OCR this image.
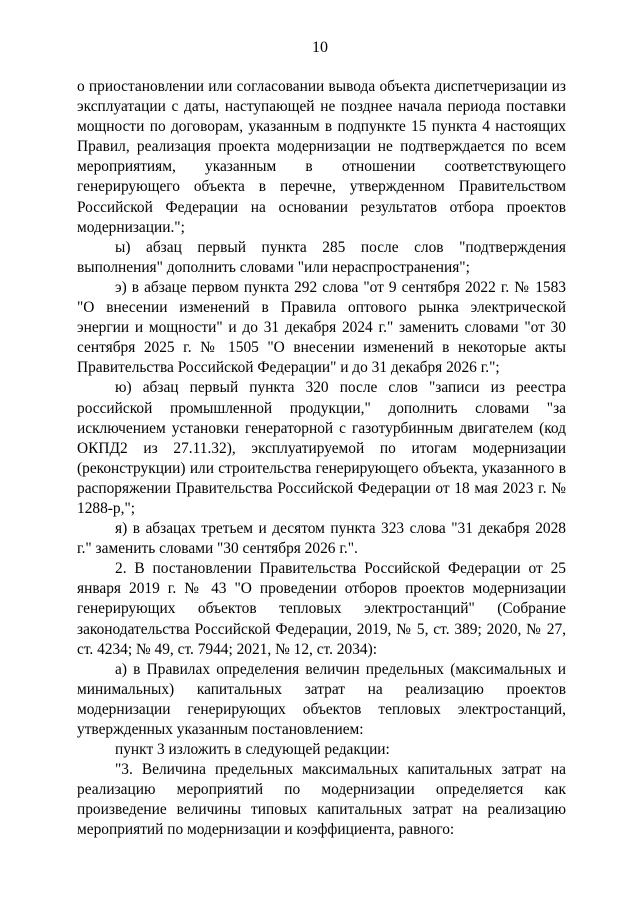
10

о приостановлении или согласовании вывода объекта диспетчеризации из эксплуатации с даты, наступающей не позднее начала периода поставки мощности по договорам, указанным в подпункте 15 пункта 4 настоящих Правил, реализация проекта модернизации не подтверждается по всем мероприятиям, указанным в отношении соответствующего генерирующего объекта в перечне, утвержденном Правительством Российской Федерации на основании результатов отбора проектов модернизации.";

ы) абзац первый пункта 285 после слов "подтверждения выполнения" дополнить словами "или нераспространения";

э) в абзаце первом пункта 292 слова "от 9 сентября 2022 г. № 1583 "О внесении изменений в Правила оптового рынка электрической энергии и мощности" и до 31 декабря 2024 г." заменить словами "от 30 сентября 2025 г. № 1505 "О внесении изменений в некоторые акты Правительства Российской Федерации" и до 31 декабря 2026 г.";

ю) абзац первый пункта 320 после слов "записи из реестра российской промышленной продукции," дополнить словами "за исключением установки генераторной с газотурбинным двигателем (код ОКПД2 из 27.11.32), эксплуатируемой по итогам модернизации (реконструкции) или строительства генерирующего объекта, указанного в распоряжении Правительства Российской Федерации от 18 мая 2023 г. № 1288-р,";

я) в абзацах третьем и десятом пункта 323 слова "31 декабря 2028 г." заменить словами "30 сентября 2026 г.".

2. В постановлении Правительства Российской Федерации от 25 января 2019 г. № 43 "О проведении отборов проектов модернизации генерирующих объектов тепловых электростанций" (Собрание законодательства Российской Федерации, 2019, № 5, ст. 389; 2020, № 27, ст. 4234; № 49, ст. 7944; 2021, № 12, ст. 2034):

а) в Правилах определения величин предельных (максимальных и минимальных) капитальных затрат на реализацию проектов модернизации генерирующих объектов тепловых электростанций, утвержденных указанным постановлением:

пункт 3 изложить в следующей редакции:

"3. Величина предельных максимальных капитальных затрат на реализацию мероприятий по модернизации определяется как произведение величины типовых капитальных затрат на реализацию мероприятий по модернизации и коэффициента, равного:
